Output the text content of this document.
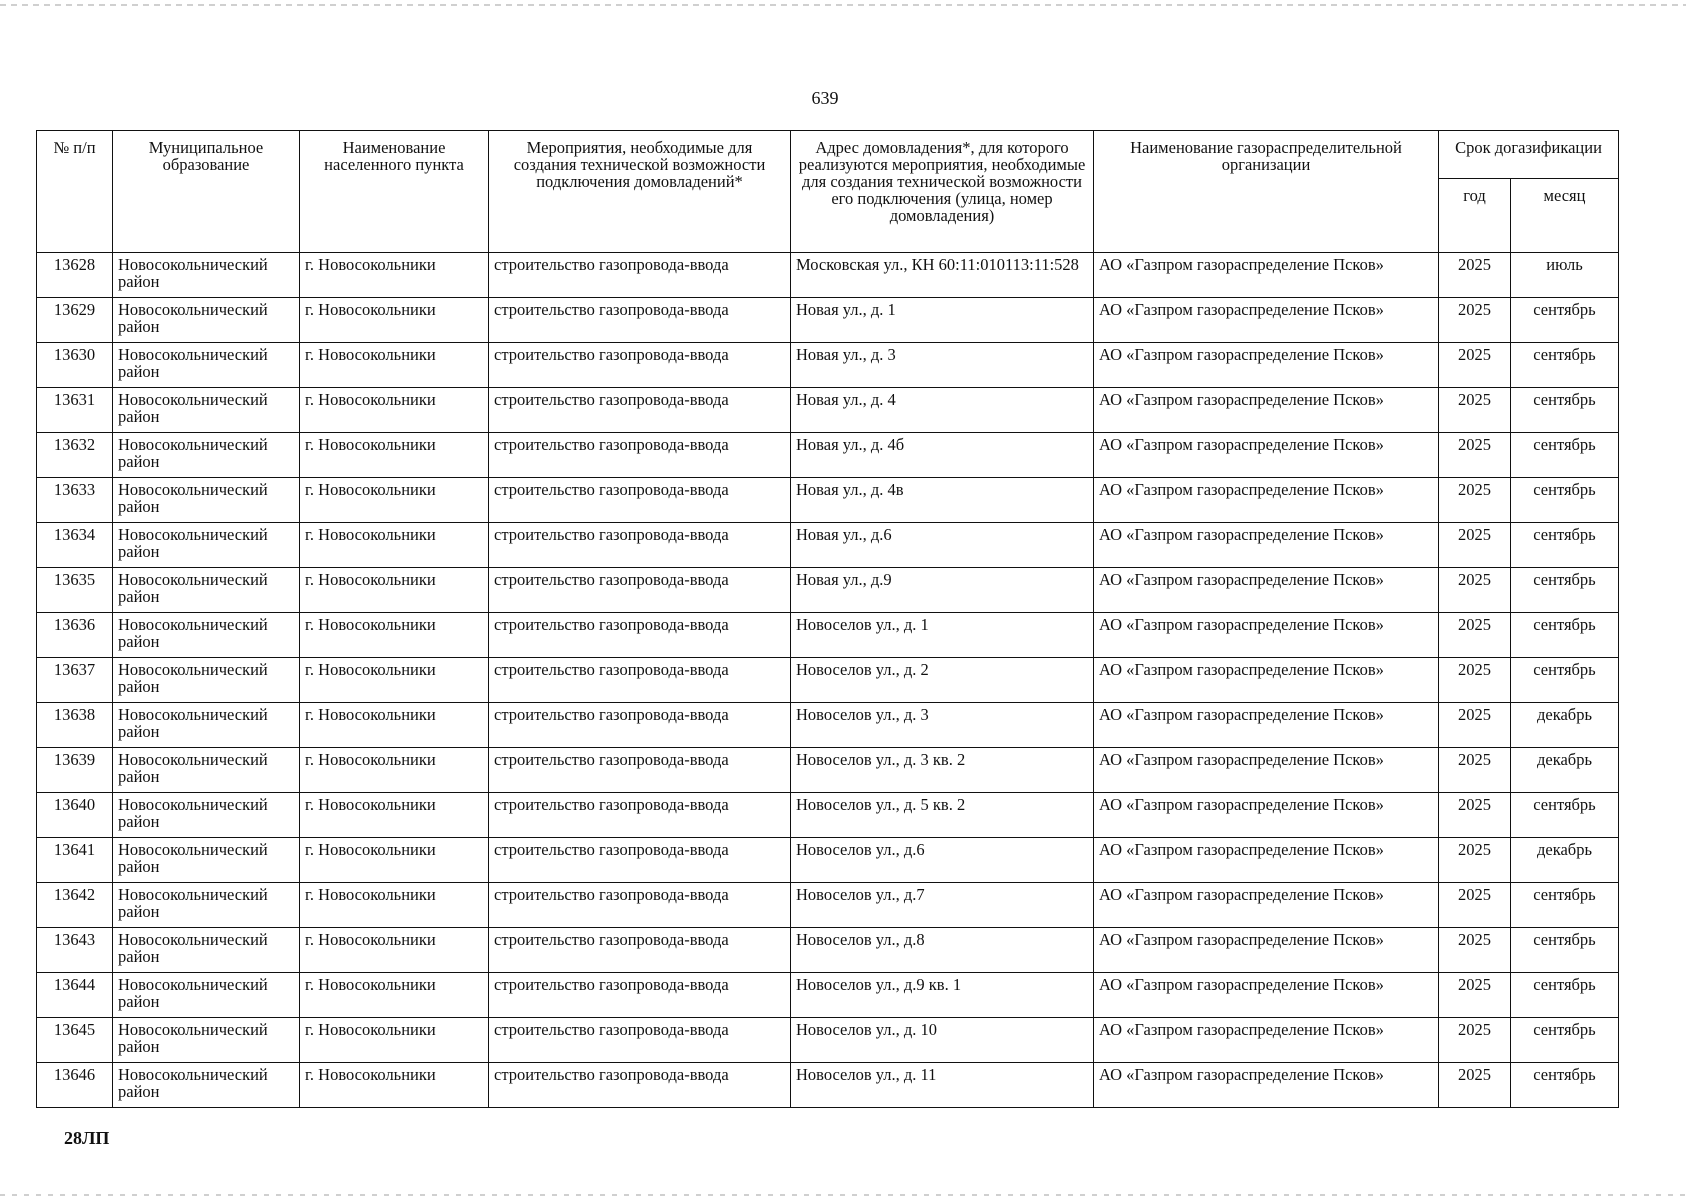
639
№ п/п	Муниципальное образование	Наименование населенного пункта	Мероприятия, необходимые для создания технической возможности подключения домовладений*	Адрес домовладения*, для которого реализуются мероприятия, необходимые для создания технической возможности его подключения (улица, номер домовладения)	Наименование газораспределительной организации	Срок догазификации	
						год	месяц
13628	Новосокольнический район	г. Новосокольники	строительство газопровода-ввода	Московская ул., КН 60:11:010113:11:528	АО «Газпром газораспределение Псков»	2025	июль
13629	Новосокольнический район	г. Новосокольники	строительство газопровода-ввода	Новая ул., д. 1	АО «Газпром газораспределение Псков»	2025	сентябрь
13630	Новосокольнический район	г. Новосокольники	строительство газопровода-ввода	Новая ул., д. 3	АО «Газпром газораспределение Псков»	2025	сентябрь
13631	Новосокольнический район	г. Новосокольники	строительство газопровода-ввода	Новая ул., д. 4	АО «Газпром газораспределение Псков»	2025	сентябрь
13632	Новосокольнический район	г. Новосокольники	строительство газопровода-ввода	Новая ул., д. 4б	АО «Газпром газораспределение Псков»	2025	сентябрь
13633	Новосокольнический район	г. Новосокольники	строительство газопровода-ввода	Новая ул., д. 4в	АО «Газпром газораспределение Псков»	2025	сентябрь
13634	Новосокольнический район	г. Новосокольники	строительство газопровода-ввода	Новая ул., д.6	АО «Газпром газораспределение Псков»	2025	сентябрь
13635	Новосокольнический район	г. Новосокольники	строительство газопровода-ввода	Новая ул., д.9	АО «Газпром газораспределение Псков»	2025	сентябрь
13636	Новосокольнический район	г. Новосокольники	строительство газопровода-ввода	Новоселов ул., д. 1	АО «Газпром газораспределение Псков»	2025	сентябрь
13637	Новосокольнический район	г. Новосокольники	строительство газопровода-ввода	Новоселов ул., д. 2	АО «Газпром газораспределение Псков»	2025	сентябрь
13638	Новосокольнический район	г. Новосокольники	строительство газопровода-ввода	Новоселов ул., д. 3	АО «Газпром газораспределение Псков»	2025	декабрь
13639	Новосокольнический район	г. Новосокольники	строительство газопровода-ввода	Новоселов ул., д. 3 кв. 2	АО «Газпром газораспределение Псков»	2025	декабрь
13640	Новосокольнический район	г. Новосокольники	строительство газопровода-ввода	Новоселов ул., д. 5 кв. 2	АО «Газпром газораспределение Псков»	2025	сентябрь
13641	Новосокольнический район	г. Новосокольники	строительство газопровода-ввода	Новоселов ул., д.6	АО «Газпром газораспределение Псков»	2025	декабрь
13642	Новосокольнический район	г. Новосокольники	строительство газопровода-ввода	Новоселов ул., д.7	АО «Газпром газораспределение Псков»	2025	сентябрь
13643	Новосокольнический район	г. Новосокольники	строительство газопровода-ввода	Новоселов ул., д.8	АО «Газпром газораспределение Псков»	2025	сентябрь
13644	Новосокольнический район	г. Новосокольники	строительство газопровода-ввода	Новоселов ул., д.9 кв. 1	АО «Газпром газораспределение Псков»	2025	сентябрь
13645	Новосокольнический район	г. Новосокольники	строительство газопровода-ввода	Новоселов ул., д. 10	АО «Газпром газораспределение Псков»	2025	сентябрь
13646	Новосокольнический район	г. Новосокольники	строительство газопровода-ввода	Новоселов ул., д. 11	АО «Газпром газораспределение Псков»	2025	сентябрь
28ЛП
